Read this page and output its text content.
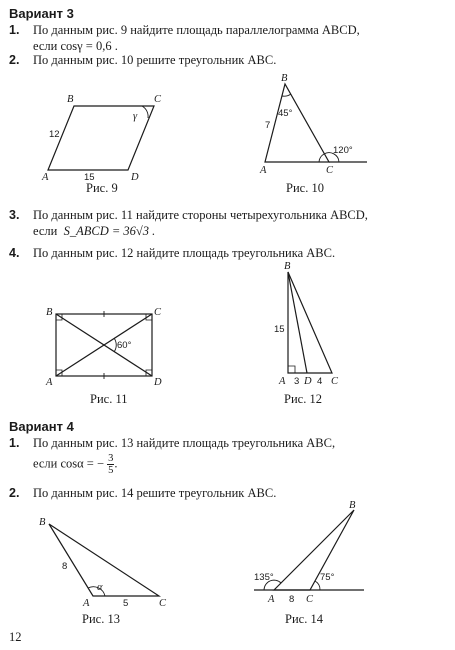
Вариант 3
1. По данным рис. 9 найдите площадь параллелограмма ABCD,
если cosγ = 0,6 .
2. По данным рис. 10 решите треугольник ABC.
A
B	C
D
γ
12
15
Рис. 9
A
B
C
45°
7
120°
Рис. 10
3. По данным рис. 11 найдите стороны четырехугольника ABCD,
если S_ABCD = 36√3 .
4. По данным рис. 12 найдите площадь треугольника ABC.
B	C
A	D
60°
Рис. 11
B
A D C
15
3 4
Рис. 12
Вариант 4
1. По данным рис. 13 найдите площадь треугольника ABC,
если cosα = − $\frac{3}{5}$ .
2. По данным рис. 14 решите треугольник ABC.
B
A	C
α
8
5
Рис. 13
B
A	C
135°	75°
8
Рис. 14
12
